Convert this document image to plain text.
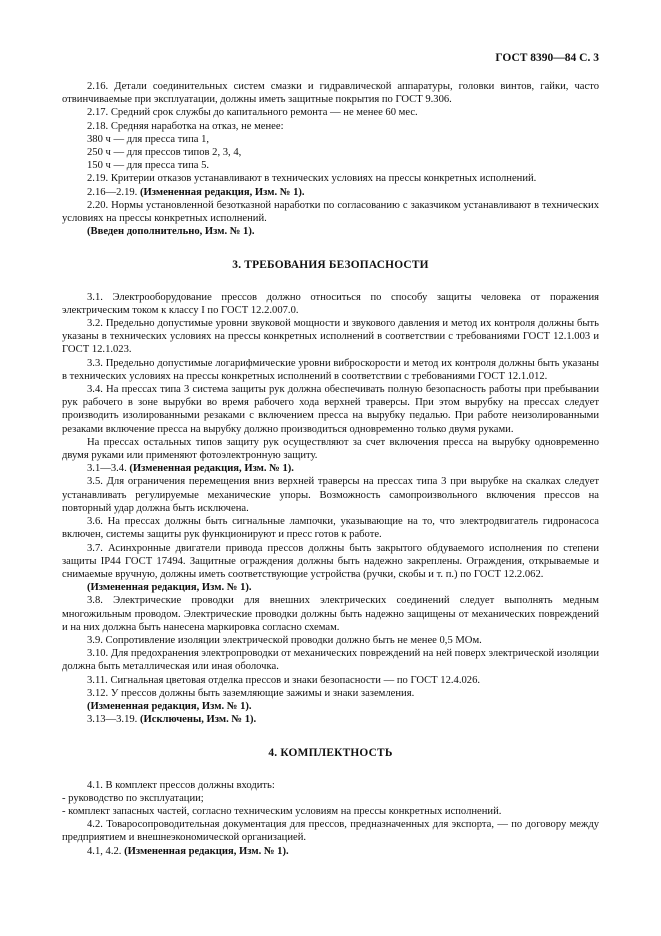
ГОСТ 8390—84 С. 3

2.16. Детали соединительных систем смазки и гидравлической аппаратуры, головки винтов, гайки, часто отвинчиваемые при эксплуатации, должны иметь защитные покрытия по ГОСТ 9.306.

2.17. Средний срок службы до капитального ремонта — не менее 60 мес.

2.18. Средняя наработка на отказ, не менее:

380 ч — для пресса типа 1,

250 ч — для прессов типов 2, 3, 4,

150 ч — для пресса типа 5.

2.19. Критерии отказов устанавливают в технических условиях на прессы конкретных исполнений.

2.16—2.19. (Измененная редакция, Изм. № 1).

2.20. Нормы установленной безотказной наработки по согласованию с заказчиком устанавливают в технических условиях на прессы конкретных исполнений.

(Введен дополнительно, Изм. № 1).

3. ТРЕБОВАНИЯ БЕЗОПАСНОСТИ

3.1. Электрооборудование прессов должно относиться по способу защиты человека от поражения электрическим током к классу I по ГОСТ 12.2.007.0.

3.2. Предельно допустимые уровни звуковой мощности и звукового давления и метод их контроля должны быть указаны в технических условиях на прессы конкретных исполнений в соответствии с требованиями ГОСТ 12.1.003 и ГОСТ 12.1.023.

3.3. Предельно допустимые логарифмические уровни виброскорости и метод их контроля должны быть указаны в технических условиях на прессы конкретных исполнений в соответствии с требованиями ГОСТ 12.1.012.

3.4. На прессах типа 3 система защиты рук должна обеспечивать полную безопасность работы при пребывании рук рабочего в зоне вырубки во время рабочего хода верхней траверсы. При этом вырубку на прессах следует производить изолированными резаками с включением пресса на вырубку педалью. При работе неизолированными резаками включение пресса на вырубку должно производиться одновременно только двумя руками.

На прессах остальных типов защиту рук осуществляют за счет включения пресса на вырубку одновременно двумя руками или применяют фотоэлектронную защиту.

3.1—3.4. (Измененная редакция, Изм. № 1).

3.5. Для ограничения перемещения вниз верхней траверсы на прессах типа 3 при вырубке на скалках следует устанавливать регулируемые механические упоры. Возможность самопроизвольного включения прессов на повторный удар должна быть исключена.

3.6. На прессах должны быть сигнальные лампочки, указывающие на то, что электродвигатель гидронасоса включен, системы защиты рук функционируют и пресс готов к работе.

3.7. Асинхронные двигатели привода прессов должны быть закрытого обдуваемого исполнения по степени защиты IP44 ГОСТ 17494. Защитные ограждения должны быть надежно закреплены. Ограждения, открываемые и снимаемые вручную, должны иметь соответствующие устройства (ручки, скобы и т. п.) по ГОСТ 12.2.062.

(Измененная редакция, Изм. № 1).

3.8. Электрические проводки для внешних электрических соединений следует выполнять медным многожильным проводом. Электрические проводки должны быть надежно защищены от механических повреждений и на них должна быть нанесена маркировка согласно схемам.

3.9. Сопротивление изоляции электрической проводки должно быть не менее 0,5 МОм.

3.10. Для предохранения электропроводки от механических повреждений на ней поверх электрической изоляции должна быть металлическая или иная оболочка.

3.11. Сигнальная цветовая отделка прессов и знаки безопасности — по ГОСТ 12.4.026.

3.12. У прессов должны быть заземляющие зажимы и знаки заземления.

(Измененная редакция, Изм. № 1).

3.13—3.19. (Исключены, Изм. № 1).

4. КОМПЛЕКТНОСТЬ

4.1. В комплект прессов должны входить:

- руководство по эксплуатации;

- комплект запасных частей, согласно техническим условиям на прессы конкретных исполнений.

4.2. Товаросопроводительная документация для прессов, предназначенных для экспорта, — по договору между предприятием и внешнеэкономической организацией.

4.1, 4.2. (Измененная редакция, Изм. № 1).
